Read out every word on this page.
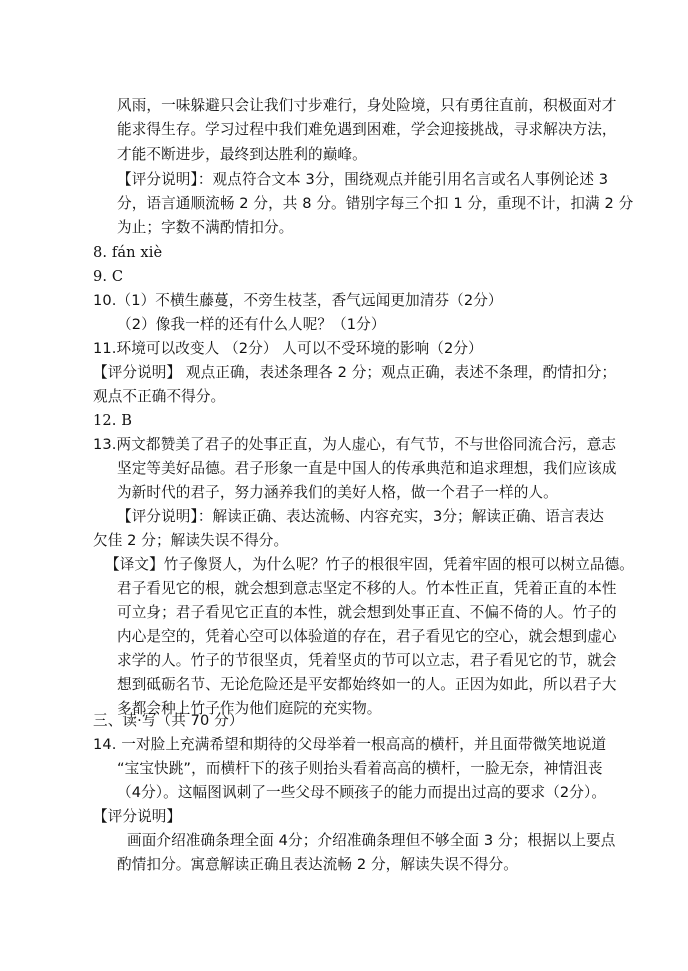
风雨，一味躲避只会让我们寸步难行，身处险境，只有勇往直前，积极面对才
能求得生存。学习过程中我们难免遇到困难，学会迎接挑战，寻求解决方法，
才能不断进步，最终到达胜利的巅峰。
【评分说明】：观点符合文本 3分，围绕观点并能引用名言或名人事例论述 3
分，语言通顺流畅 2 分，共 8 分。错别字每三个扣 1 分，重现不计，扣满 2 分
为止；字数不满酌情扣分。
8. fán xiè
9. C
10.（1）不横生藤蔓，不旁生枝茎，香气远闻更加清芬（2分）
（2）像我一样的还有什么人呢？（1分）
11.环境可以改变人 （2分） 人可以不受环境的影响（2分）
【评分说明】 观点正确，表述条理各 2 分；观点正确，表述不条理，酌情扣分；
观点不正确不得分。
12. B
13.两文都赞美了君子的处事正直，为人虚心，有气节，不与世俗同流合污，意志
坚定等美好品德。君子形象一直是中国人的传承典范和追求理想，我们应该成
为新时代的君子，努力涵养我们的美好人格，做一个君子一样的人。
【评分说明】：解读正确、表达流畅、内容充实，3分；解读正确、语言表达
欠佳 2 分；解读失误不得分。
【译文】竹子像贤人，为什么呢？竹子的根很牢固，凭着牢固的根可以树立品德。
君子看见它的根，就会想到意志坚定不移的人。竹本性正直，凭着正直的本性
可立身；君子看见它正直的本性，就会想到处事正直、不偏不倚的人。竹子的
内心是空的，凭着心空可以体验道的存在，君子看见它的空心，就会想到虚心
求学的人。竹子的节很坚贞，凭着坚贞的节可以立志，君子看见它的节，就会
想到砥砺名节、无论危险还是平安都始终如一的人。正因为如此，所以君子大
多都会种上竹子作为他们庭院的充实物。
三、读·写（共 70 分）
14. 一对脸上充满希望和期待的父母举着一根高高的横杆，并且面带微笑地说道
“宝宝快跳”，而横杆下的孩子则抬头看着高高的横杆，一脸无奈，神情沮丧
（4分）。这幅图讽刺了一些父母不顾孩子的能力而提出过高的要求（2分）。
【评分说明】
画面介绍准确条理全面 4分；介绍准确条理但不够全面 3 分；根据以上要点
酌情扣分。寓意解读正确且表达流畅 2 分，解读失误不得分。
